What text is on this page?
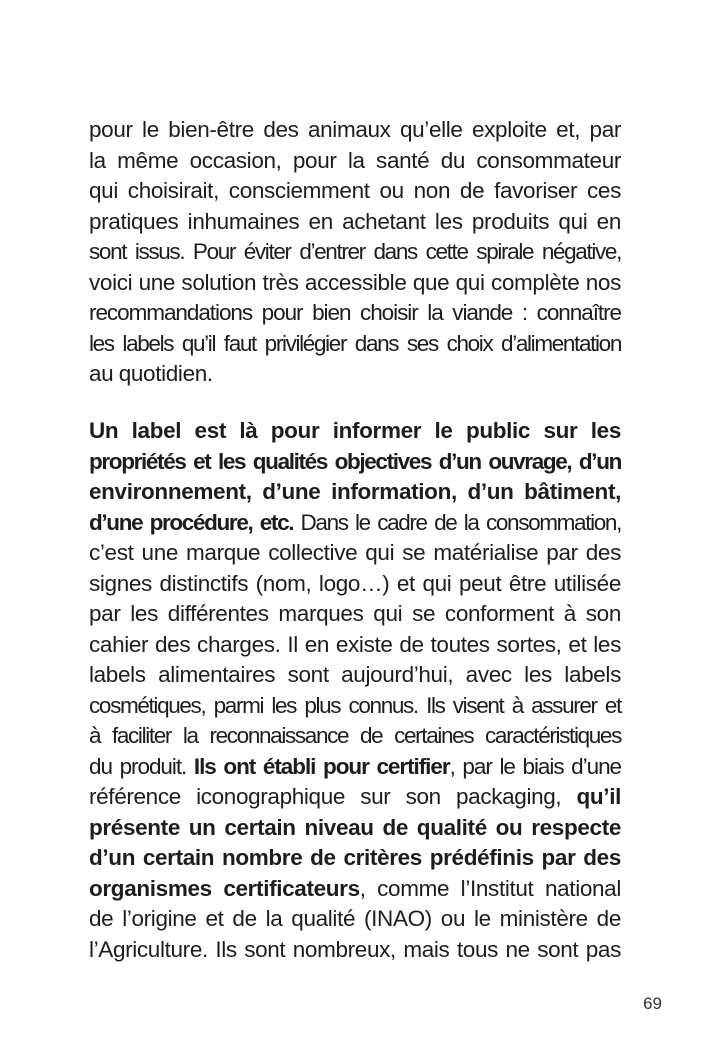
pour le bien-être des animaux qu’elle exploite et, par
la même occasion, pour la santé du consommateur
qui choisirait, consciemment ou non de favoriser ces
pratiques inhumaines en achetant les produits qui en
sont issus. Pour éviter d’entrer dans cette spirale négative,
voici une solution très accessible que qui complète nos
recommandations pour bien choisir la viande : connaître
les labels qu’il faut privilégier dans ses choix d’alimentation
au quotidien.
Un label est là pour informer le public sur les
propriétés et les qualités objectives d’un ouvrage, d’un
environnement, d’une information, d’un bâtiment,
d’une procédure, etc. Dans le cadre de la consommation,
c’est une marque collective qui se matérialise par des
signes distinctifs (nom, logo…) et qui peut être utilisée
par les différentes marques qui se conforment à son
cahier des charges. Il en existe de toutes sortes, et les
labels alimentaires sont aujourd’hui, avec les labels
cosmétiques, parmi les plus connus. Ils visent à assurer et
à faciliter la reconnaissance de certaines caractéristiques
du produit. Ils ont établi pour certifier, par le biais d’une
référence iconographique sur son packaging, qu’il
présente un certain niveau de qualité ou respecte
d’un certain nombre de critères prédéfinis par des
organismes certificateurs, comme l’Institut national
de l’origine et de la qualité (INAO) ou le ministère de
l’Agriculture. Ils sont nombreux, mais tous ne sont pas
69
